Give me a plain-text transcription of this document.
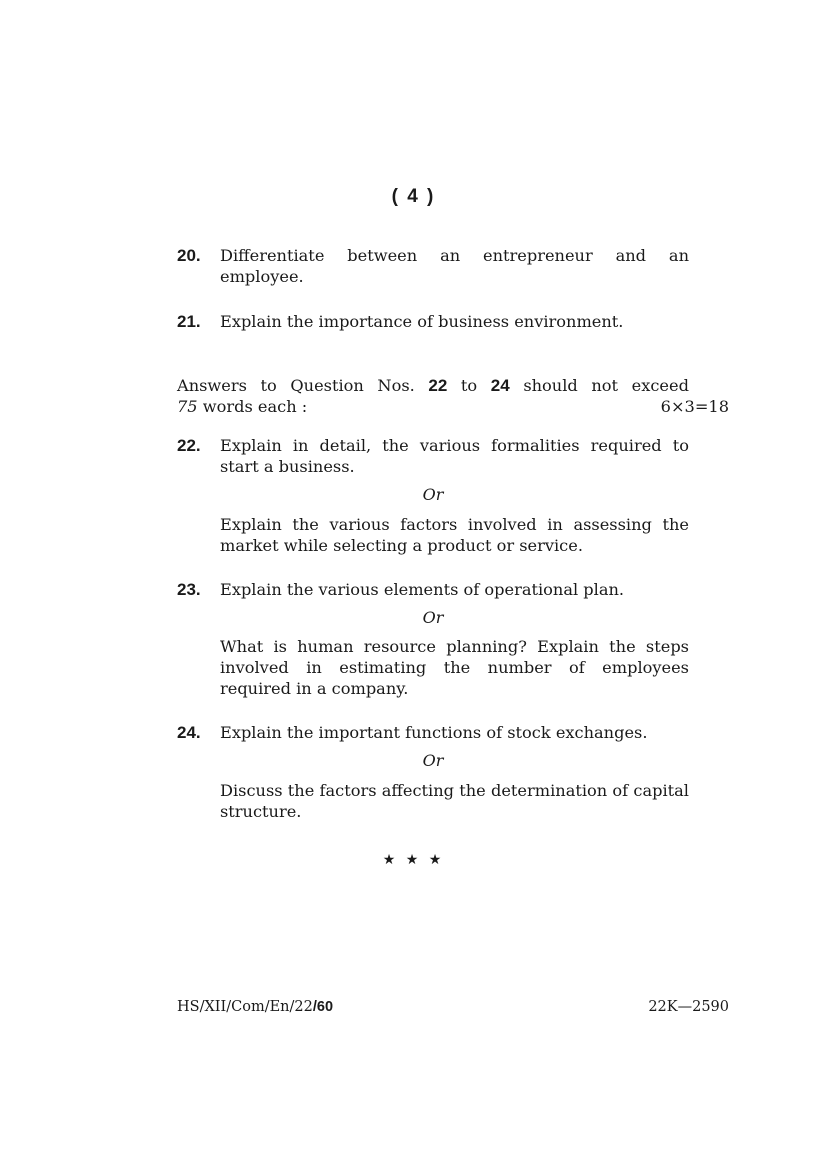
( 4 )
20. Differentiate between an entrepreneur and an
employee.
21. Explain the importance of business environment.
Answers to Question Nos. 22 to 24 should not exceed
75 words each :	6×3=18
22. Explain in detail, the various formalities required to start a business.
Or
Explain the various factors involved in assessing the market while selecting a product or service.
23. Explain the various elements of operational plan.
Or
What is human resource planning? Explain the steps involved in estimating the number of employees required in a company.
24. Explain the important functions of stock exchanges.
Or
Discuss the factors affecting the determination of capital structure.
★ ★ ★
HS/XII/Com/En/22/60	22K—2590
